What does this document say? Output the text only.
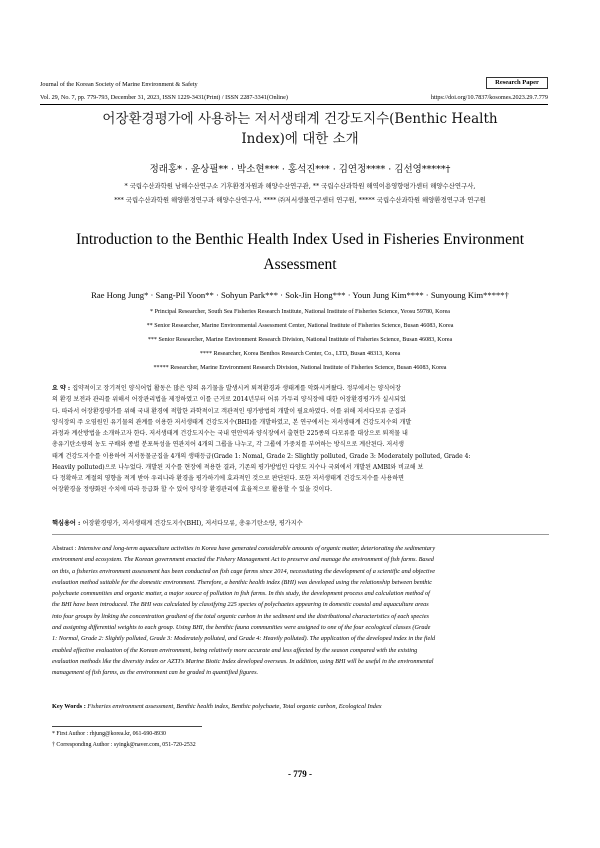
Journal of the Korean Society of Marine Environment & Safety	Research Paper
Vol. 29, No. 7, pp. 779-793, December 31, 2023, ISSN 1229-3431(Print) / ISSN 2287-3341(Online)	https://doi.org/10.7837/kosomes.2023.29.7.779
어장환경평가에 사용하는 저서생태계 건강도지수(Benthic Health
Index)에 대한 소개
정래홍* · 윤상필** · 박소현*** · 홍석진*** · 김연정**** · 김선영*****†
* 국립수산과학원 남해수산연구소 기후환경자원과 해양수산연구관, ** 국립수산과학원 해역이용영향평가센터 해양수산연구사,
*** 국립수산과학원 해양환경연구과 해양수산연구사, **** ㈜저서생물연구센터 연구원, ***** 국립수산과학원 해양환경연구과 연구원
Introduction to the Benthic Health Index Used in Fisheries Environment
Assessment
Rae Hong Jung* · Sang-Pil Yoon** · Sohyun Park*** · Sok-Jin Hong*** · Youn Jung Kim**** · Sunyoung Kim*****†
* Principal Researcher, South Sea Fisheries Research Institute, National Institute of Fisheries Science, Yeosu 59780, Korea
** Senior Researcher, Marine Environmental Assessment Center, National Institute of Fisheries Science, Busan 46083, Korea
*** Senior Researcher, Marine Environment Research Division, National Institute of Fisheries Science, Busan 46083, Korea
**** Researcher, Korea Benthos Research Center, Co., LTD, Busan 48313, Korea
***** Researcher, Marine Environment Research Division, National Institute of Fisheries Science, Busan 46083, Korea
요 약 : 집약적이고 장기적인 양식어업 활동은 많은 양의 유기물을 발생시켜 퇴적환경과 생태계를 악화시켜왔다. 정부에서는 양식어장
의 환경 보전과 관리를 위해서 어장관리법을 제정하였고 이를 근거로 2014년부터 어류 가두리 양식장에 대한 어장환경평가가 실시되었
다. 따라서 어장환경평가를 위해 국내 환경에 적합한 과학적이고 객관적인 평가방법의 개발이 필요하였다. 이를 위해 저서다모류 군집과
양식장의 주 오염원인 유기물의 관계를 이용한 저서생태계 건강도지수(BHI)를 개발하였고, 본 연구에서는 저서생태계 건강도지수의 개발
과정과 계산방법을 소개하고자 한다. 저서생태계 건강도지수는 국내 연안역과 양식장에서 출현한 225종의 다모류를 대상으로 퇴적물 내
총유기탄소량의 농도 구배와 종별 분포특성을 연관지어 4개의 그룹을 나누고, 각 그룹에 가중치를 부여하는 방식으로 계산된다. 저서생
태계 건강도지수를 이용하여 저서동물군집을 4개의 생태등급(Grade 1: Nomal, Grade 2: Slightly polluted, Grade 3: Moderately polluted, Grade 4:
Heavily polluted)으로 나누었다. 개발된 지수를 현장에 적용한 결과, 기존의 평가방법인 다양도 지수나 국외에서 개발된 AMBI와 비교해 보
다 정확하고 계절의 영향을 적게 받아 우리나라 환경을 평가하기에 효과적인 것으로 판단된다. 또한 저서생태계 건강도지수를 사용하면
어장환경을 정량화된 수치에 따라 등급화 할 수 있어 양식장 환경관리에 효율적으로 활용할 수 있을 것이다.
핵심용어 : 어장환경평가, 저서생태계 건강도지수(BHI), 저서다모류, 총유기탄소량, 평가지수
Abstract : Intensive and long-term aquaculture activities in Korea have generated considerable amounts of organic matter, deteriorating the sedimentary
environment and ecosystem. The Korean government enacted the Fishery Management Act to preserve and manage the environment of fish farms. Based
on this, a fisheries environment assessment has been conducted on fish cage farms since 2014, necessitating the development of a scientific and objective
evaluation method suitable for the domestic environment. Therefore, a benthic health index (BHI) was developed using the relationship between benthic
polychaete communities and organic matter, a major source of pollution in fish farms. In this study, the development process and calculation method of
the BHI have been introduced. The BHI was calculated by classifying 225 species of polychaetes appearing in domestic coastal and aquaculture areas
into four groups by linking the concentration gradient of the total organic carbon in the sediment and the distributional characteristics of each species
and assigning differential weights to each group. Using BHI, the benthic fauna communities were assigned to one of the four ecological classes (Grade
1: Normal, Grade 2: Slightly polluted, Grade 3: Moderately polluted, and Grade 4: Heavily polluted). The application of the developed index in the field
enabled effective evaluation of the Korean environment, being relatively more accurate and less affected by the season compared with the existing
evaluation methods like the diversity index or AZTI's Marine Biotic Index developed overseas. In addition, using BHI will be useful in the environmental
management of fish farms, as the environment can be graded in quantified figures.
Key Words : Fisheries environment assessment, Benthic health index, Benthic polychaete, Total organic carbon, Ecological Index
* First Author : rhjung@korea.kr, 061-690-8930
† Corresponding Author : syingk@naver.com, 051-720-2532
- 779 -
